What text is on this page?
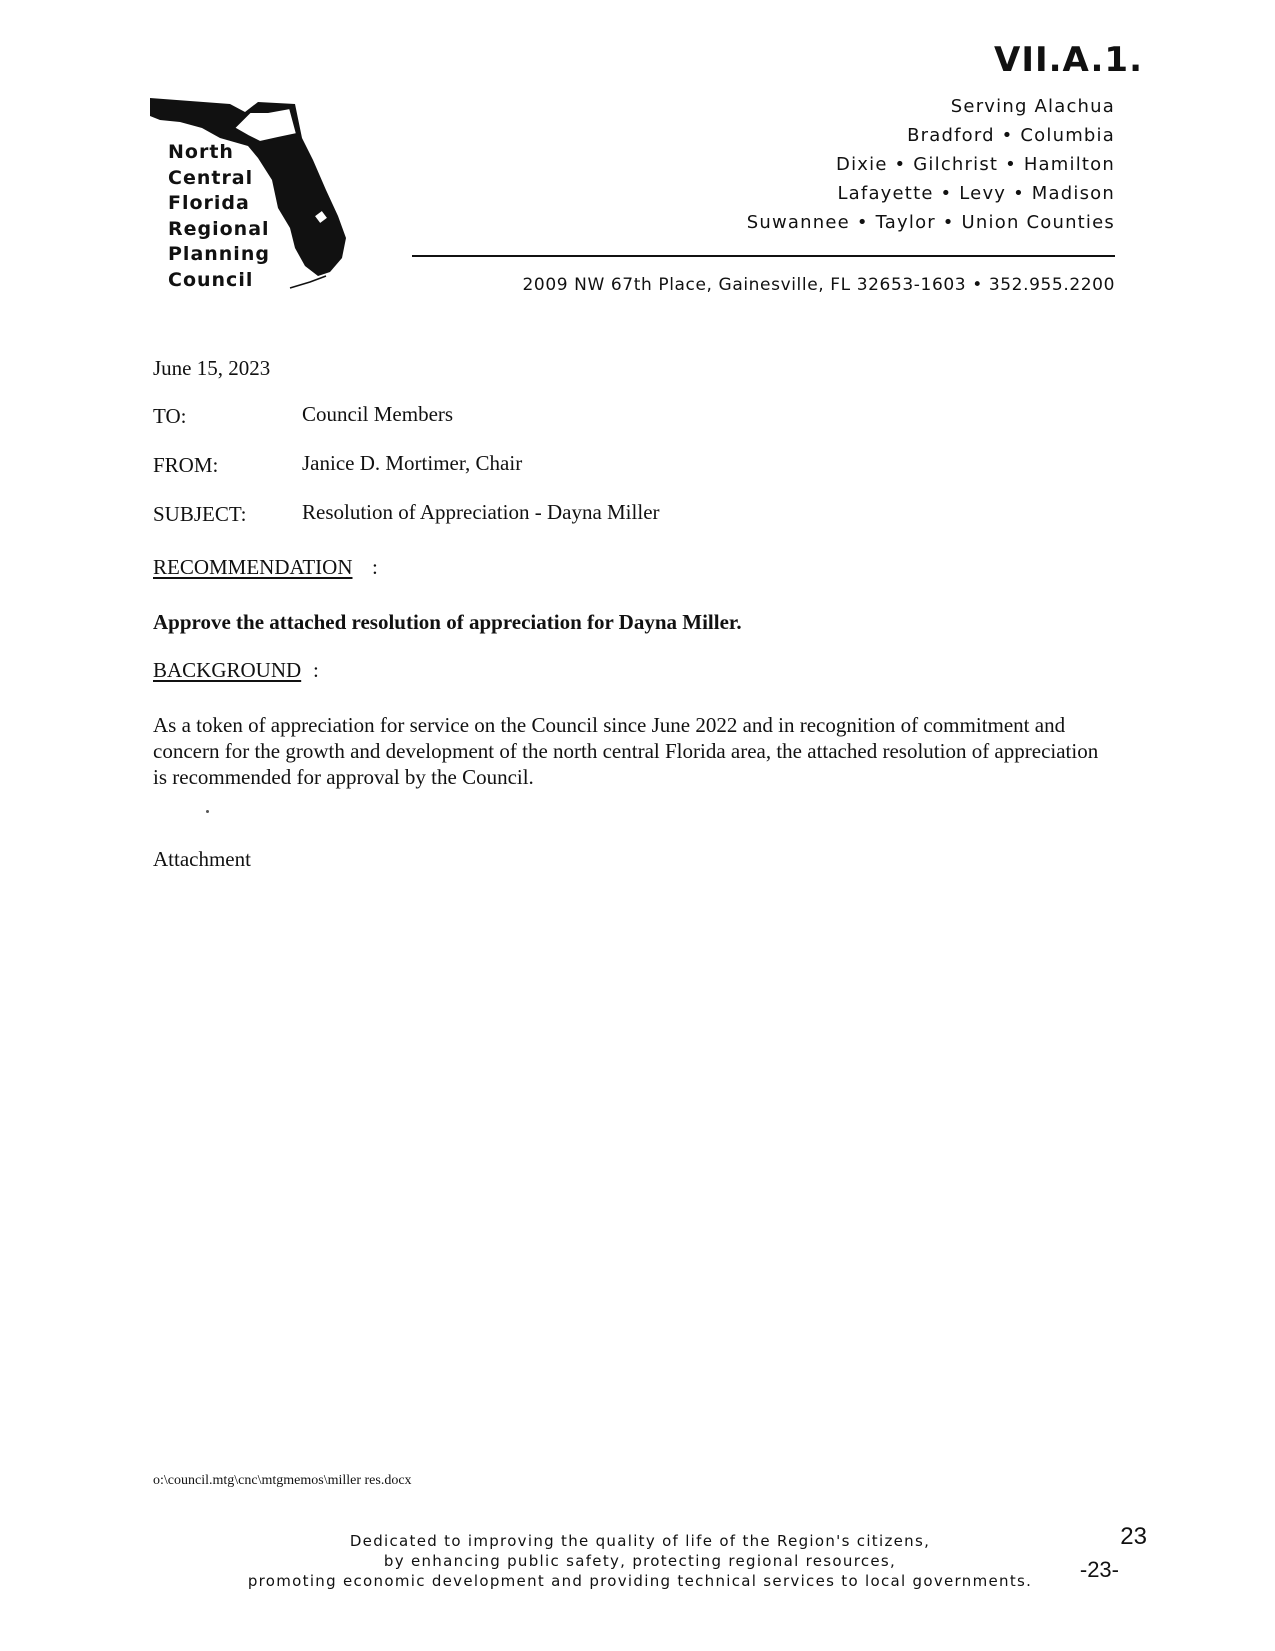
VII.A.1.
North
Central
Florida
Regional
Planning
Council
Serving Alachua
Bradford • Columbia
Dixie • Gilchrist • Hamilton
Lafayette • Levy • Madison
Suwannee • Taylor • Union Counties
2009 NW 67th Place, Gainesville, FL 32653-1603 • 352.955.2200
June 15, 2023
TO:	Council Members
FROM:	Janice D. Mortimer, Chair
SUBJECT:	Resolution of Appreciation - Dayna Miller
RECOMMENDATION :
Approve the attached resolution of appreciation for Dayna Miller.
BACKGROUND :
As a token of appreciation for service on the Council since June 2022 and in recognition of commitment and concern for the growth and development of the north central Florida area, the attached resolution of appreciation is recommended for approval by the Council.
Attachment
o:\council.mtg\cnc\mtgmemos\miller res.docx
Dedicated to improving the quality of life of the Region's citizens,
by enhancing public safety, protecting regional resources,
promoting economic development and providing technical services to local governments.
23
-23-
